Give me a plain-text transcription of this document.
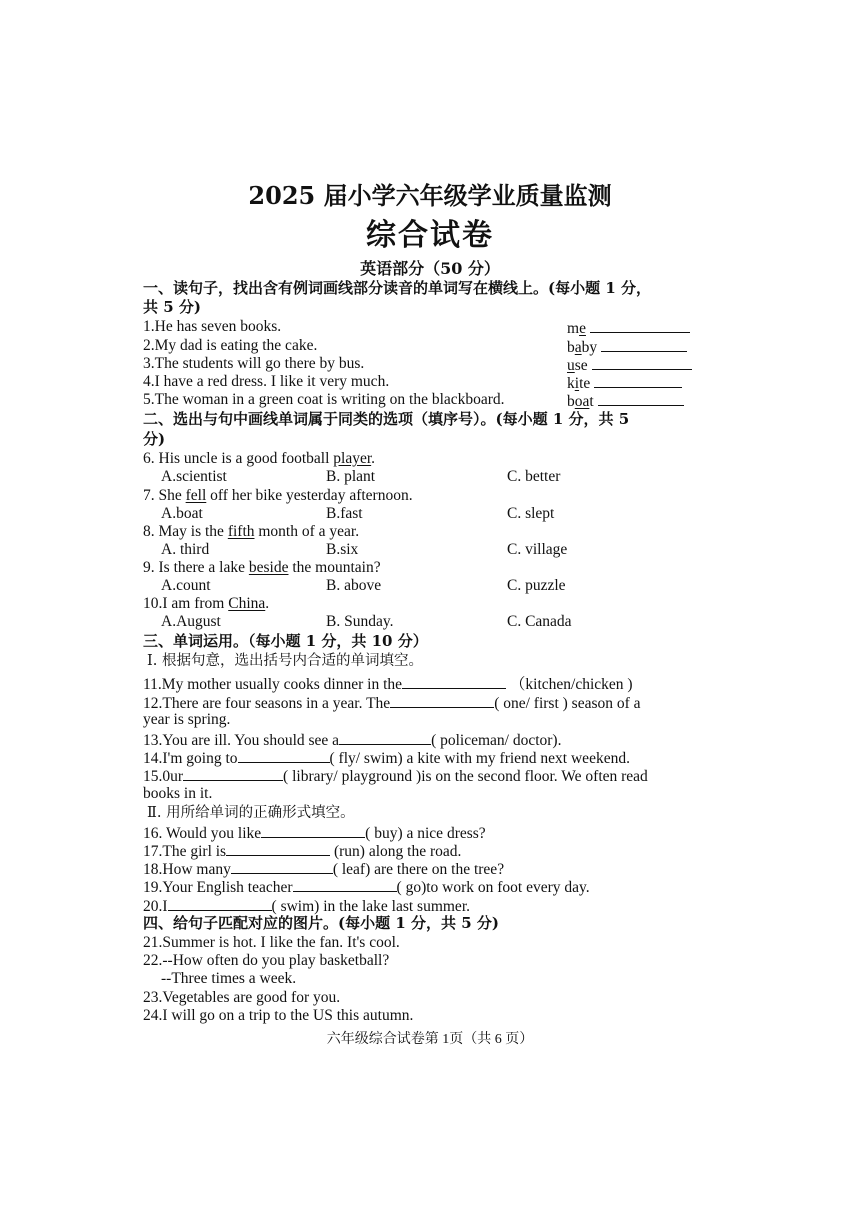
2025 届小学六年级学业质量监测
综合试卷
英语部分（50 分）
一、读句子，找出含有例词画线部分读音的单词写在横线上。(每小题 1 分，
共 5 分)
1.He has seven books.	me
2.My dad is eating the cake.	baby
3.The students will go there by bus.	use
4.I have a red dress. I like it very much.	kite
5.The woman in a green coat is writing on the blackboard.	boat
二、选出与句中画线单词属于同类的选项（填序号）。(每小题 1 分，共 5
分)
6. His uncle is a good football player.
A.scientist	B. plant	C. better
7. She fell off her bike yesterday afternoon.
A.boat	B.fast	C. slept
8. May is the fifth month of a year.
A. third	B.six	C. village
9. Is there a lake beside the mountain?
A.count	B. above	C. puzzle
10.I am from China.
A.August	B. Sunday.	C. Canada
三、单词运用。（每小题 1 分，共 10 分）
Ⅰ. 根据句意，选出括号内合适的单词填空。
11.My mother usually cooks dinner in the	（kitchen/chicken )
12.There are four seasons in a year. The	( one/ first ) season of a
year is spring.
13.You are ill. You should see a	( policeman/ doctor).
14.I'm going to	( fly/ swim) a kite with my friend next weekend.
15.0ur	( library/ playground )is on the second floor. We often read
books in it.
Ⅱ. 用所给单词的正确形式填空。
16. Would you like	( buy) a nice dress?
17.The girl is	(run) along the road.
18.How many	( leaf) are there on the tree?
19.Your English teacher	( go)to work on foot every day.
20.I	( swim) in the lake last summer.
四、给句子匹配对应的图片。(每小题 1 分，共 5 分)
21.Summer is hot. I like the fan. It's cool.
22.--How often do you play basketball?
--Three times a week.
23.Vegetables are good for you.
24.I will go on a trip to the US this autumn.
六年级综合试卷第 1页（共 6 页）
